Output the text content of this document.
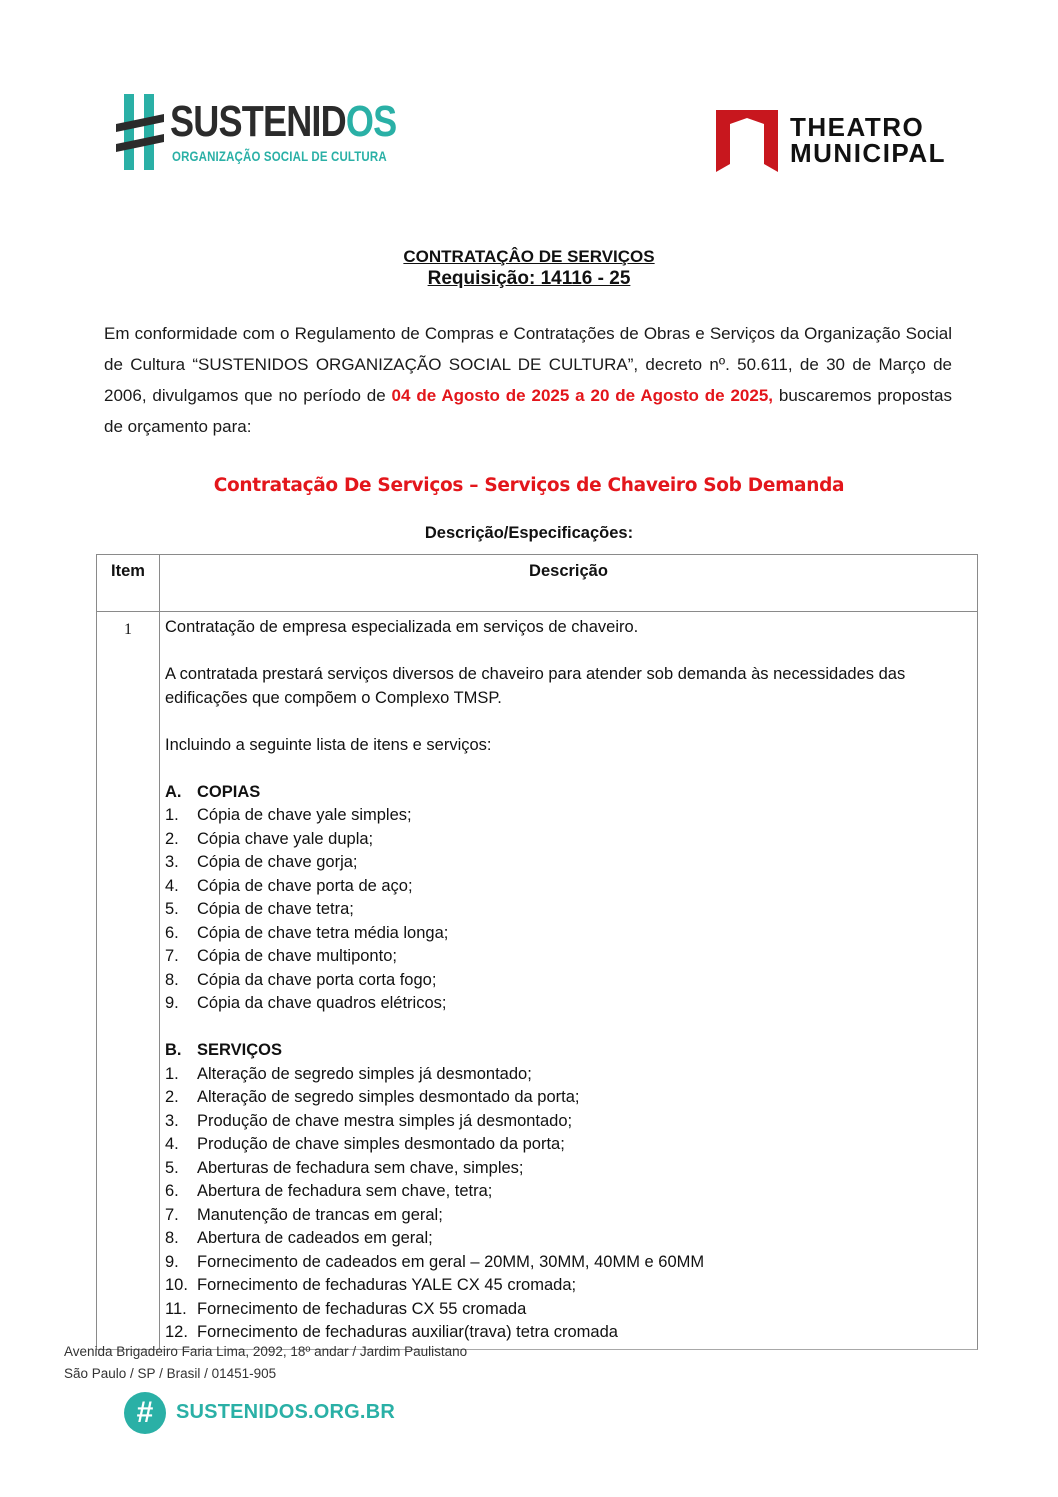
SUSTENIDOS
ORGANIZAÇÃO SOCIAL DE CULTURA
THEATRO
MUNICIPAL
CONTRATAÇÂO DE SERVIÇOS
Requisição: 14116 - 25
Em conformidade com o Regulamento de Compras e Contratações de Obras e Serviços da Organização Social de Cultura “SUSTENIDOS ORGANIZAÇÃO SOCIAL DE CULTURA”, decreto nº. 50.611, de 30 de Março de 2006, divulgamos que no período de 04 de Agosto de 2025 a 20 de Agosto de 2025, buscaremos propostas de orçamento para:
Contratação De Serviços – Serviços de Chaveiro Sob Demanda
Descrição/Especificações:
Item	Descrição
1	Contratação de empresa especializada em serviços de chaveiro.

A contratada prestará serviços diversos de chaveiro para atender sob demanda às necessidades das edificações que compõem o Complexo TMSP.

Incluindo a seguinte lista de itens e serviços:

A. COPIAS
1.	Cópia de chave yale simples;
2.	Cópia chave yale dupla;
3.	Cópia de chave gorja;
4.	Cópia de chave porta de aço;
5.	Cópia de chave tetra;
6.	Cópia de chave tetra média longa;
7.	Cópia de chave multiponto;
8.	Cópia da chave porta corta fogo;
9.	Cópia da chave quadros elétricos;
B. SERVIÇOS
1.	Alteração de segredo simples já desmontado;
2.	Alteração de segredo simples desmontado da porta;
3.	Produção de chave mestra simples já desmontado;
4.	Produção de chave simples desmontado da porta;
5.	Aberturas de fechadura sem chave, simples;
6.	Abertura de fechadura sem chave, tetra;
7.	Manutenção de trancas em geral;
8.	Abertura de cadeados em geral;
9.	Fornecimento de cadeados em geral – 20MM, 30MM, 40MM e 60MM
10. Fornecimento de fechaduras YALE CX 45 cromada;
11. Fornecimento de fechaduras CX 55 cromada
12. Fornecimento de fechaduras auxiliar(trava) tetra cromada
Avenida Brigadeiro Faria Lima, 2092, 18º andar / Jardim Paulistano
São Paulo / SP / Brasil / 01451-905
#	SUSTENIDOS.ORG.BR
